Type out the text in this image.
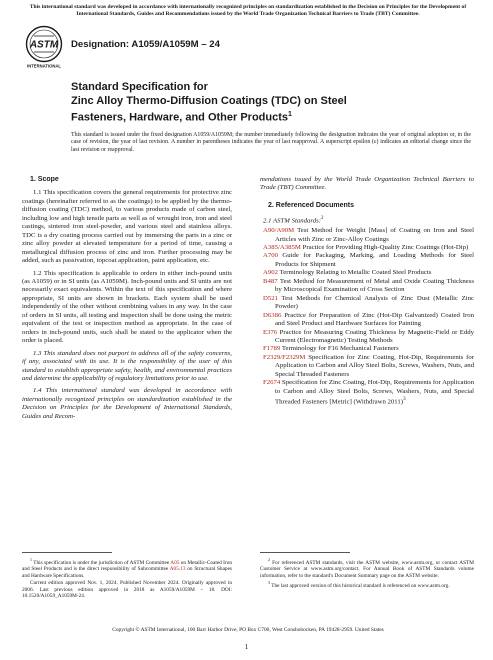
This international standard was developed in accordance with internationally recognized principles on standardization established in the Decision on Principles for the Development of International Standards, Guides and Recommendations issued by the World Trade Organization Technical Barriers to Trade (TBT) Committee.
ASTM
INTERNATIONAL
Designation: A1059/A1059M – 24
Standard Specification for
Zinc Alloy Thermo-Diffusion Coatings (TDC) on Steel
Fasteners, Hardware, and Other Products$^1$
This standard is issued under the fixed designation A1059/A1059M; the number immediately following the designation indicates the year of original adoption or, in the case of revision, the year of last revision. A number in parentheses indicates the year of last reapproval. A superscript epsilon (ε) indicates an editorial change since the last revision or reapproval.
1. Scope

1.1 This specification covers the general requirements for protective zinc coatings (hereinafter referred to as the coatings) to be applied by the thermo-diffusion coating (TDC) method, to various products made of carbon steel, including low and high tensile parts as well as of wrought iron, iron and steel castings, sintered iron steel-powder, and various steel and stainless alloys. TDC is a dry coating process carried out by immersing the parts in a zinc or zinc alloy powder at elevated temperature for a period of time, causing a metallurgical diffusion process of zinc and iron. Further processing may be added, such as passivation, topcoat application, paint application, etc.

1.2 This specification is applicable to orders in either inch-pound units (as A1059) or in SI units (as A1059M). Inch-pound units and SI units are not necessarily exact equivalents. Within the text of this specification and where appropriate, SI units are shown in brackets. Each system shall be used independently of the other without combining values in any way. In the case of orders in SI units, all testing and inspection shall be done using the metric equivalent of the test or inspection method as appropriate. In the case of orders in inch-pound units, such shall be stated to the applicator when the order is placed.

1.3 This standard does not purport to address all of the safety concerns, if any, associated with its use. It is the responsibility of the user of this standard to establish appropriate safety, health, and environmental practices and determine the applicability of regulatory limitations prior to use.

1.4 This international standard was developed in accordance with internationally recognized principles on standardization established in the Decision on Principles for the Development of International Standards, Guides and Recom-

mendations issued by the World Trade Organization Technical Barriers to Trade (TBT) Committee.

2. Referenced Documents
2.1 ASTM Standards:$^2$
A90/A90M Test Method for Weight [Mass] of Coating on Iron and Steel Articles with Zinc or Zinc-Alloy Coatings
A385/A385M Practice for Providing High-Quality Zinc Coatings (Hot-Dip)
A700 Guide for Packaging, Marking, and Loading Methods for Steel Products for Shipment
A902 Terminology Relating to Metallic Coated Steel Products
B487 Test Method for Measurement of Metal and Oxide Coating Thickness by Microscopical Examination of Cross Section
D521 Test Methods for Chemical Analysis of Zinc Dust (Metallic Zinc Powder)
D6386 Practice for Preparation of Zinc (Hot-Dip Galvanized) Coated Iron and Steel Product and Hardware Surfaces for Painting
E376 Practice for Measuring Coating Thickness by Magnetic-Field or Eddy Current (Electromagnetic) Testing Methods
F1789 Terminology for F16 Mechanical Fasteners
F2329/F2329M Specification for Zinc Coating, Hot-Dip, Requirements for Application to Carbon and Alloy Steel Bolts, Screws, Washers, Nuts, and Special Threaded Fasteners
F2674 Specification for Zinc Coating, Hot-Dip, Requirements for Application to Carbon and Alloy Steel Bolts, Screws, Washers, Nuts, and Special Threaded Fasteners [Metric] (Withdrawn 2011)$^3$

$^1$ This specification is under the jurisdiction of ASTM Committee A05 on Metallic-Coated Iron and Steel Products and is the direct responsibility of Subcommittee A05.13 on Structural Shapes and Hardware Specifications.

Current edition approved Nov. 1, 2024. Published November 2024. Originally approved in 2006. Last previous edition approved in 2018 as A1059/A1059M – 18. DOI: 10.1520/A1059_A1059M-24.

$^2$ For referenced ASTM standards, visit the ASTM website, www.astm.org, or contact ASTM Customer Service at www.astm.org/contact. For Annual Book of ASTM Standards volume information, refer to the standard's Document Summary page on the ASTM website.

$^3$ The last approved version of this historical standard is referenced on www.astm.org.

Copyright © ASTM International, 100 Barr Harbor Drive, PO Box C700, West Conshohocken, PA 19428-2959. United States
1
